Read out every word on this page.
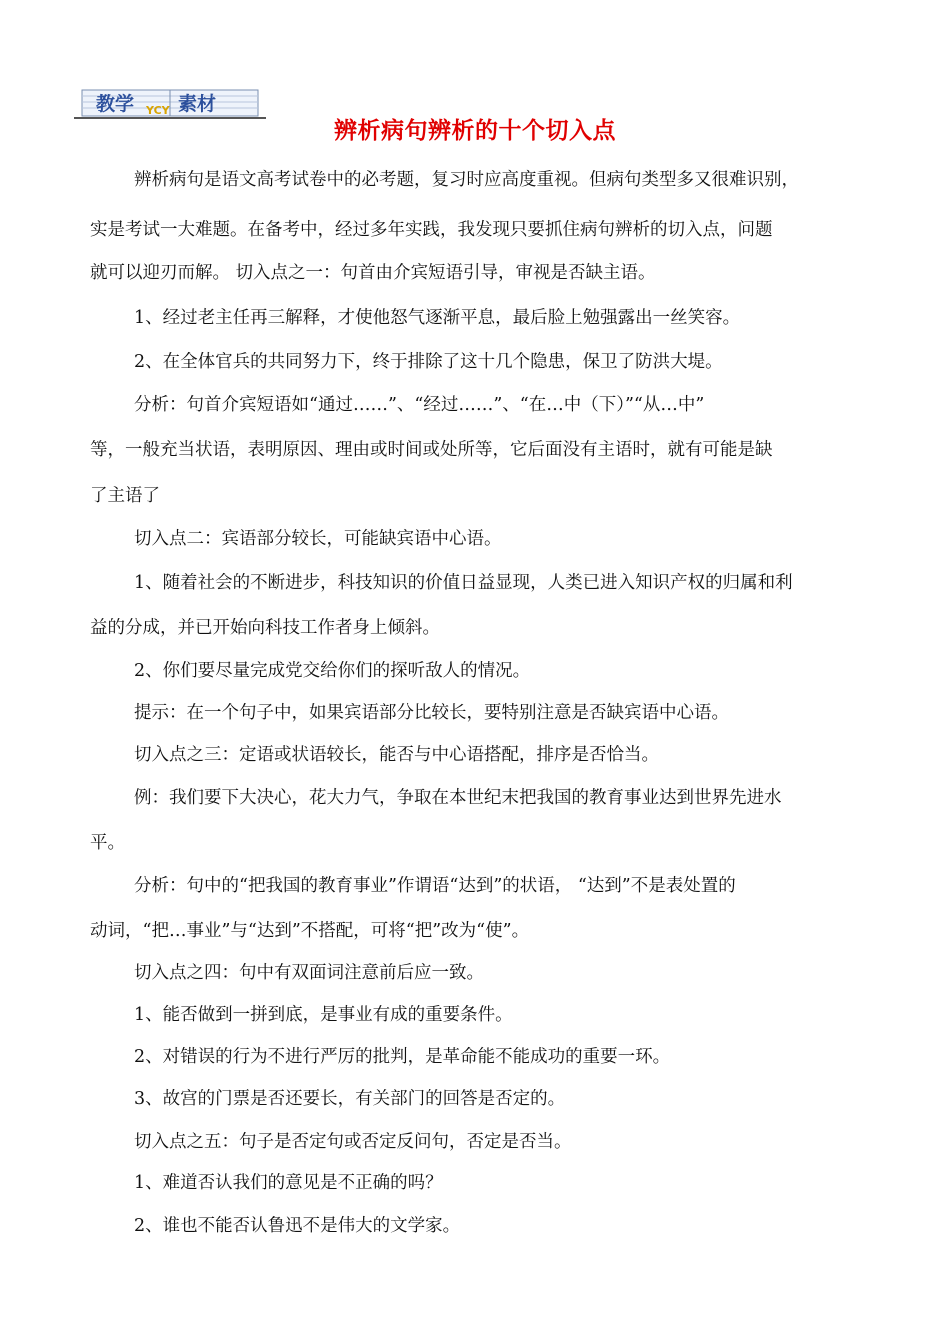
教学 YCY 素材
辨析病句辨析的十个切入点
辨析病句是语文高考试卷中的必考题，复习时应高度重视。但病句类型多又很难识别，
实是考试一大难题。在备考中，经过多年实践，我发现只要抓住病句辨析的切入点，问题
就可以迎刃而解。 切入点之一：句首由介宾短语引导，审视是否缺主语。
1、经过老主任再三解释，才使他怒气逐渐平息，最后脸上勉强露出一丝笑容。
2、在全体官兵的共同努力下，终于排除了这十几个隐患，保卫了防洪大堤。
分析：句首介宾短语如“通过……”、“经过……”、“在…中（下）”“从…中”
等，一般充当状语，表明原因、理由或时间或处所等，它后面没有主语时，就有可能是缺
了主语了
切入点二：宾语部分较长，可能缺宾语中心语。
1、随着社会的不断进步，科技知识的价值日益显现，人类已进入知识产权的归属和利
益的分成，并已开始向科技工作者身上倾斜。
2、你们要尽量完成党交给你们的探听敌人的情况。
提示：在一个句子中，如果宾语部分比较长，要特别注意是否缺宾语中心语。
切入点之三：定语或状语较长，能否与中心语搭配，排序是否恰当。
例：我们要下大决心，花大力气，争取在本世纪末把我国的教育事业达到世界先进水
平。
分析：句中的“把我国的教育事业”作谓语“达到”的状语， “达到”不是表处置的
动词，“把…事业”与“达到”不搭配，可将“把”改为“使”。
切入点之四：句中有双面词注意前后应一致。
1、能否做到一拼到底，是事业有成的重要条件。
2、对错误的行为不进行严厉的批判，是革命能不能成功的重要一环。
3、故宫的门票是否还要长，有关部门的回答是否定的。
切入点之五：句子是否定句或否定反问句，否定是否当。
1、难道否认我们的意见是不正确的吗？
2、谁也不能否认鲁迅不是伟大的文学家。
